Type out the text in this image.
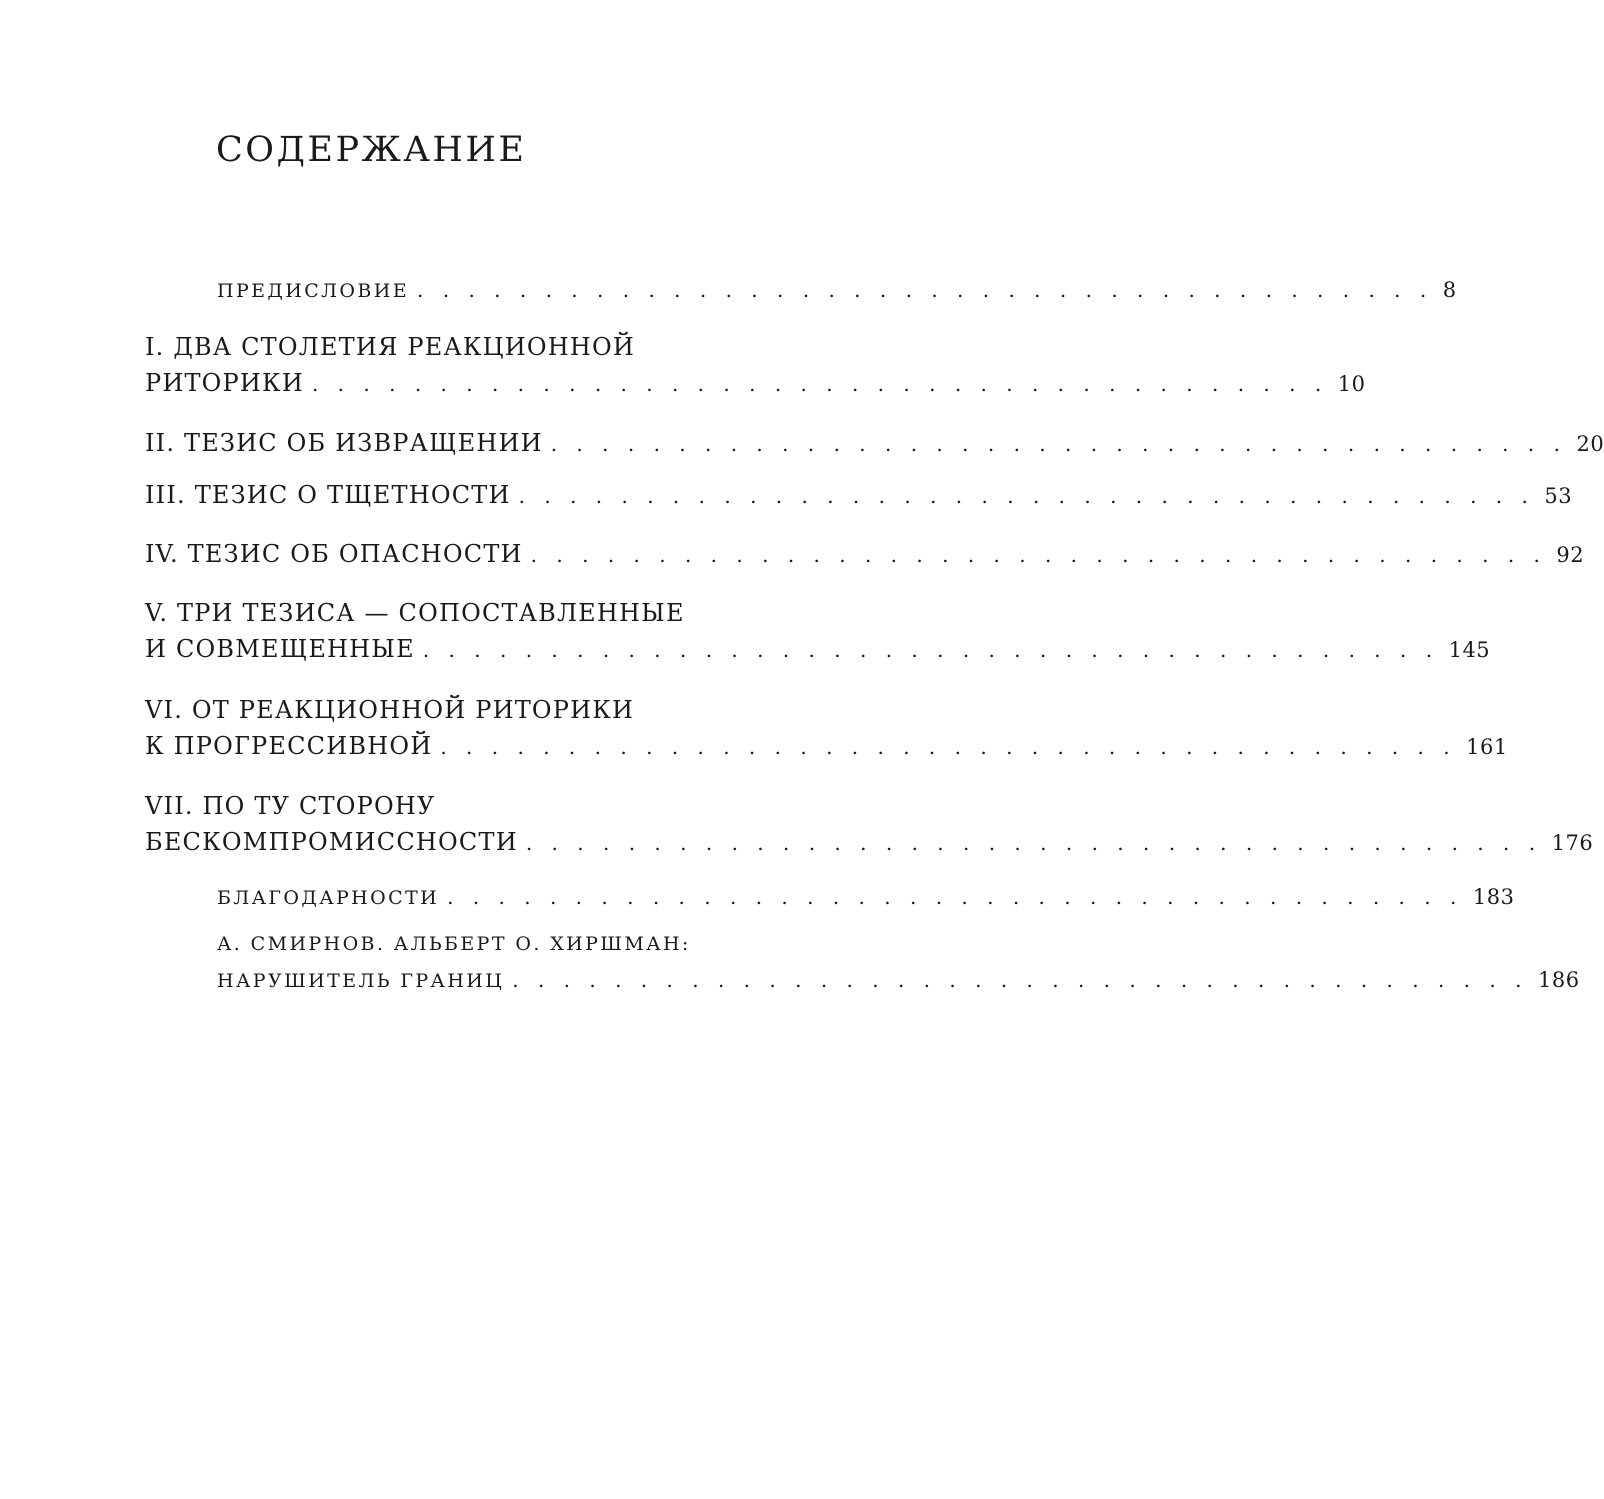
СОДЕРЖАНИЕ
ПРЕДИСЛОВИЕ . . . . . . . . . . . . . . . . . . . . . . . . . . . . . . . . . . . . . . . . 8
I. ДВА СТОЛЕТИЯ РЕАКЦИОННОЙ
РИТОРИКИ . . . . . . . . . . . . . . . . . . . . . . . . . . . . . . . . . . . . . . . . 10
II. ТЕЗИС ОБ ИЗВРАЩЕНИИ . . . . . . . . . . . . . . . . . . . . . . . . . . . . . . . . . . . . . . . . 20
III. ТЕЗИС О ТЩЕТНОСТИ . . . . . . . . . . . . . . . . . . . . . . . . . . . . . . . . . . . . . . . . 53
IV. ТЕЗИС ОБ ОПАСНОСТИ . . . . . . . . . . . . . . . . . . . . . . . . . . . . . . . . . . . . . . . . 92
V. ТРИ ТЕЗИСА — СОПОСТАВЛЕННЫЕ
И СОВМЕЩЕННЫЕ . . . . . . . . . . . . . . . . . . . . . . . . . . . . . . . . . . . . . . . . 145
VI. ОТ РЕАКЦИОННОЙ РИТОРИКИ
К ПРОГРЕССИВНОЙ . . . . . . . . . . . . . . . . . . . . . . . . . . . . . . . . . . . . . . . . 161
VII. ПО ТУ СТОРОНУ
БЕСКОМПРОМИССНОСТИ . . . . . . . . . . . . . . . . . . . . . . . . . . . . . . . . . . . . . . . . 176
БЛАГОДАРНОСТИ . . . . . . . . . . . . . . . . . . . . . . . . . . . . . . . . . . . . . . . . 183
А. СМИРНОВ. АЛЬБЕРТ О. ХИРШМАН:
НАРУШИТЕЛЬ ГРАНИЦ . . . . . . . . . . . . . . . . . . . . . . . . . . . . . . . . . . . . . . . . 186
